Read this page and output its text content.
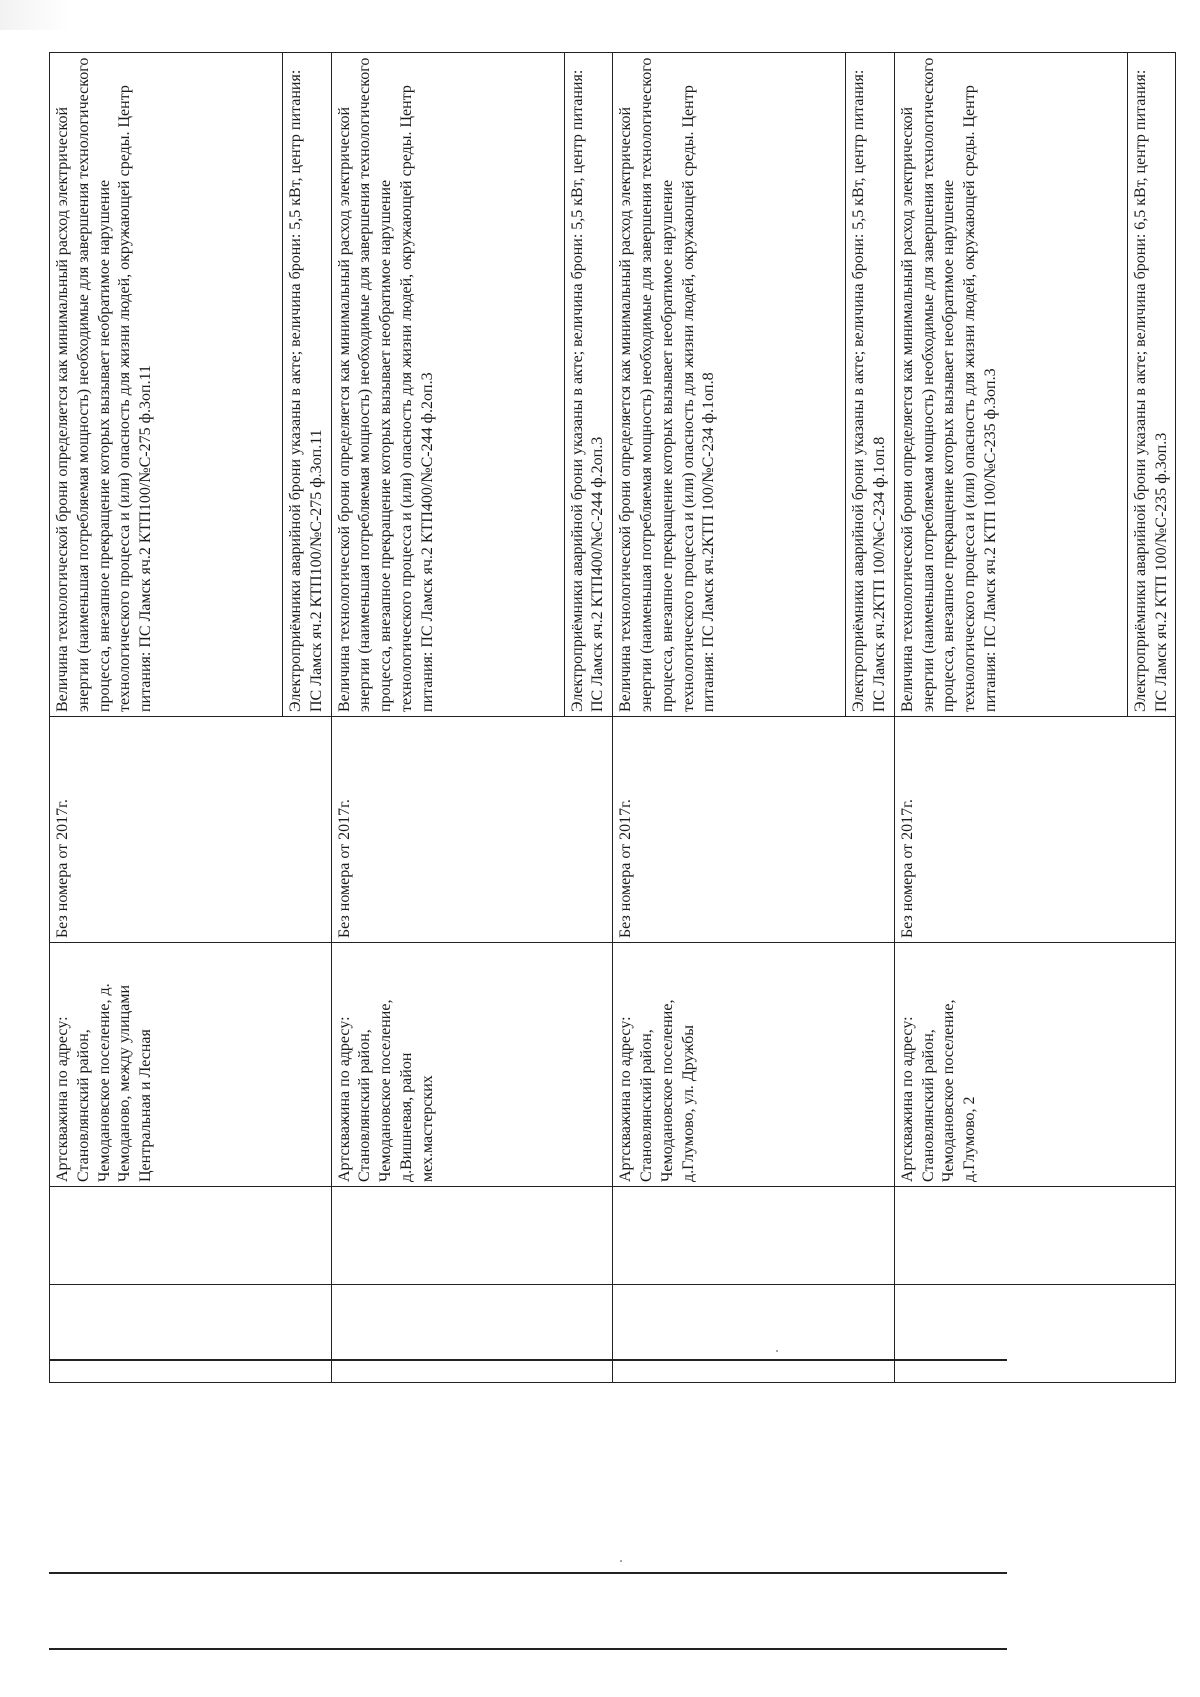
		Артскважина по адресу: Становлянский район, Чемодановское поселение, д. Чемоданово, между улицами Центральная и Лесная	Без номера от 2017г.	Величина технологической брони определяется как минимальный расход электрической энергии (наименьшая потребляемая мощность) необходимые для завершения технологического процесса, внезапное прекращение которых вызывает необратимое нарушение технологического процесса и (или) опасность для жизни людей, окружающей среды. Центр питания: ПС Ламск яч.2 КТП100/№С-275 ф.3оп.11 Электроприёмники аварийной брони указаны в акте; величина брони: 5,5 кВт, центр питания: ПС Ламск яч.2 КТП100/№С-275 ф.3оп.11

		Артскважина по адресу: Становлянский район, Чемодановское поселение, д.Вишневая, район мех.мастерских	Без номера от 2017г.	Величина технологической брони определяется как минимальный расход электрической энергии (наименьшая потребляемая мощность) необходимые для завершения технологического процесса, внезапное прекращение которых вызывает необратимое нарушение технологического процесса и (или) опасность для жизни людей, окружающей среды. Центр питания: ПС Ламск яч.2 КТП400/№С-244 ф.2оп.3 Электроприёмники аварийной брони указаны в акте; величина брони: 5,5 кВт, центр питания: ПС Ламск яч.2 КТП400/№С-244 ф.2оп.3

		Артскважина по адресу: Становлянский район, Чемодановское поселение, д.Глумово, ул. Дружбы	Без номера от 2017г.	Величина технологической брони определяется как минимальный расход электрической энергии (наименьшая потребляемая мощность) необходимые для завершения технологического процесса, внезапное прекращение которых вызывает необратимое нарушение технологического процесса и (или) опасность для жизни людей, окружающей среды. Центр питания: ПС Ламск яч.2КТП 100/№С-234 ф.1оп.8 Электроприёмники аварийной брони указаны в акте; величина брони: 5,5 кВт, центр питания: ПС Ламск яч.2КТП 100/№С-234 ф.1оп.8

		Артскважина по адресу: Становлянский район, Чемодановское поселение, д.Глумово, 2	Без номера от 2017г.	Величина технологической брони определяется как минимальный расход электрической энергии (наименьшая потребляемая мощность) необходимые для завершения технологического процесса, внезапное прекращение которых вызывает необратимое нарушение технологического процесса и (или) опасность для жизни людей, окружающей среды. Центр питания: ПС Ламск яч.2 КТП 100/№С-235 ф.3оп.3 Электроприёмники аварийной брони указаны в акте; величина брони: 6,5 кВт, центр питания: ПС Ламск яч.2 КТП 100/№С-235 ф.3оп.3
